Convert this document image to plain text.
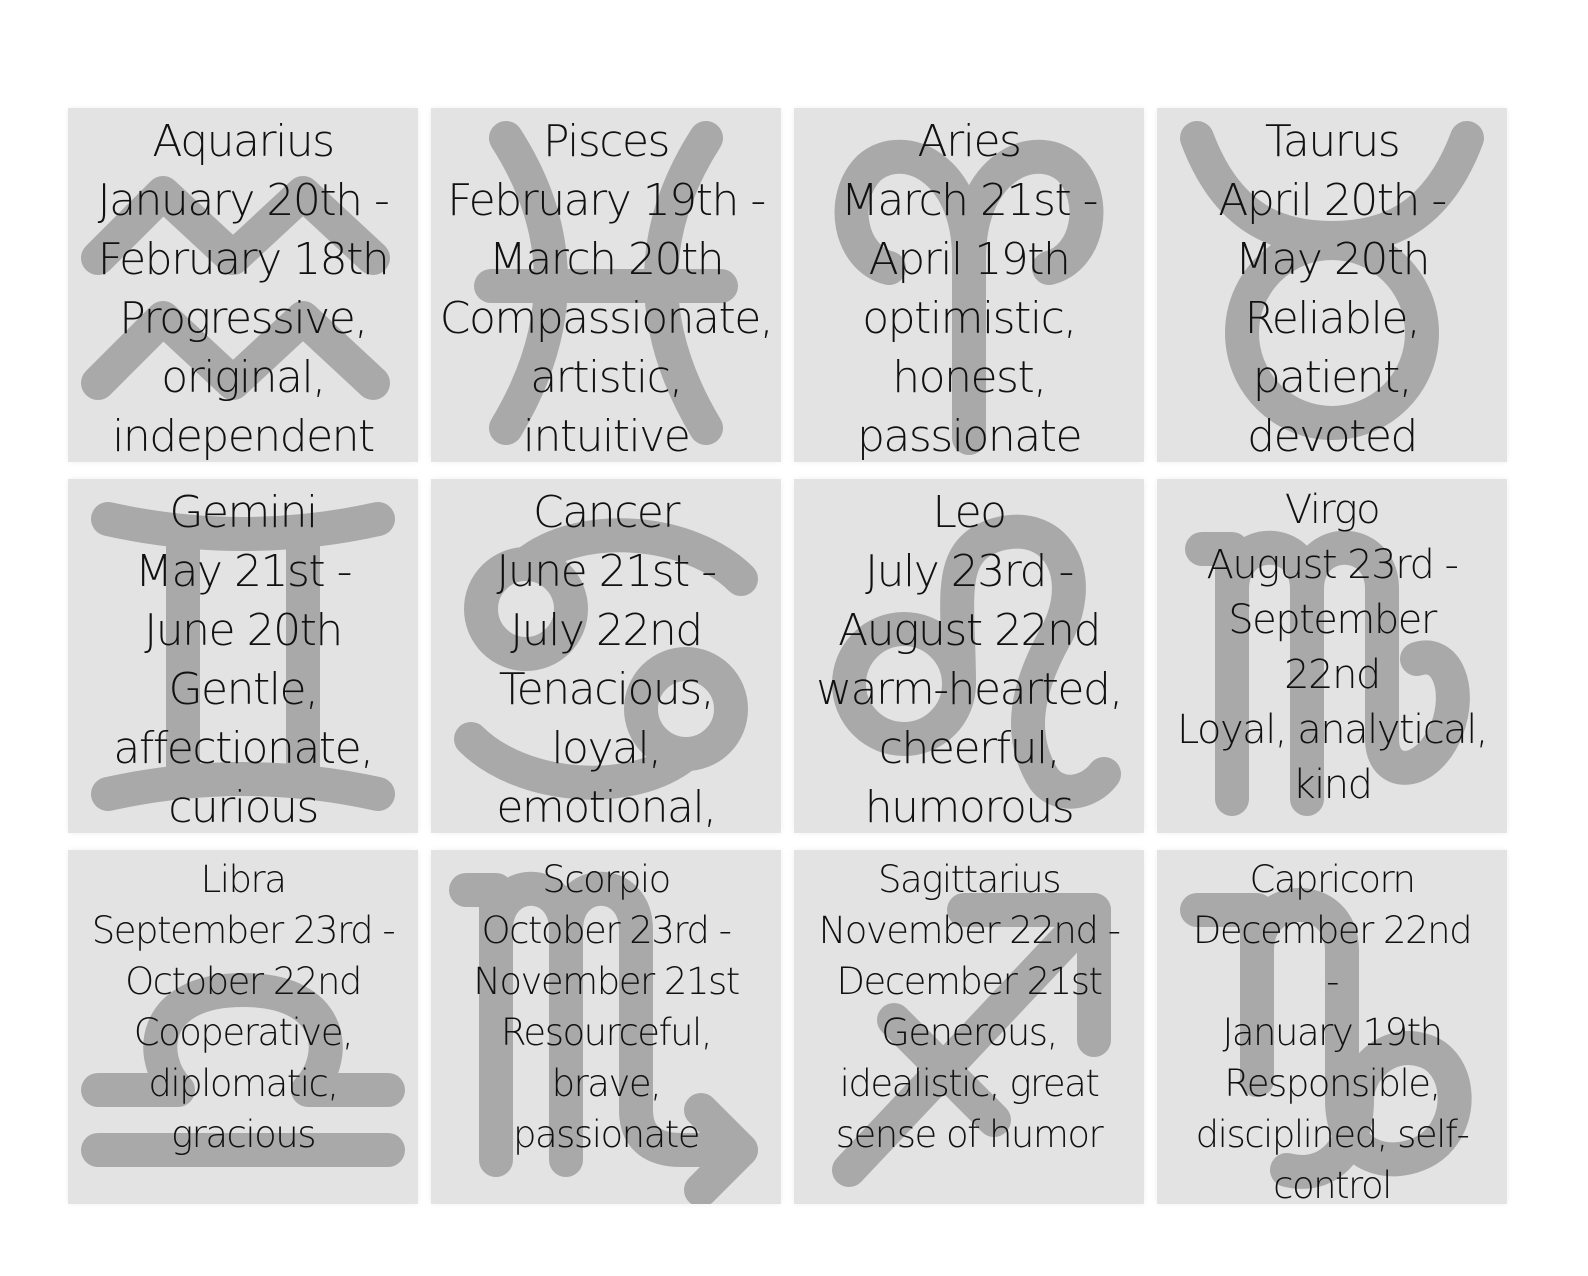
Aquarius
January 20th -
February 18th
Progressive,
original,
independent
Pisces
February 19th -
March 20th
Compassionate,
artistic,
intuitive
Aries
March 21st -
April 19th
optimistic,
honest,
passionate
Taurus
April 20th -
May 20th
Reliable,
patient,
devoted
Gemini
May 21st -
June 20th
Gentle,
affectionate,
curious
Cancer
June 21st -
July 22nd
Tenacious,
loyal,
emotional,
Leo
July 23rd -
August 22nd
warm-hearted,
cheerful,
humorous
Virgo
August 23rd -
September
22nd
Loyal, analytical,
kind
Libra
September 23rd -
October 22nd
Cooperative,
diplomatic,
gracious
Scorpio
October 23rd -
November 21st
Resourceful,
brave,
passionate
Sagittarius
November 22nd -
December 21st
Generous,
idealistic, great
sense of humor
Capricorn
December 22nd
-
January 19th
Responsible,
disciplined, self-
control
